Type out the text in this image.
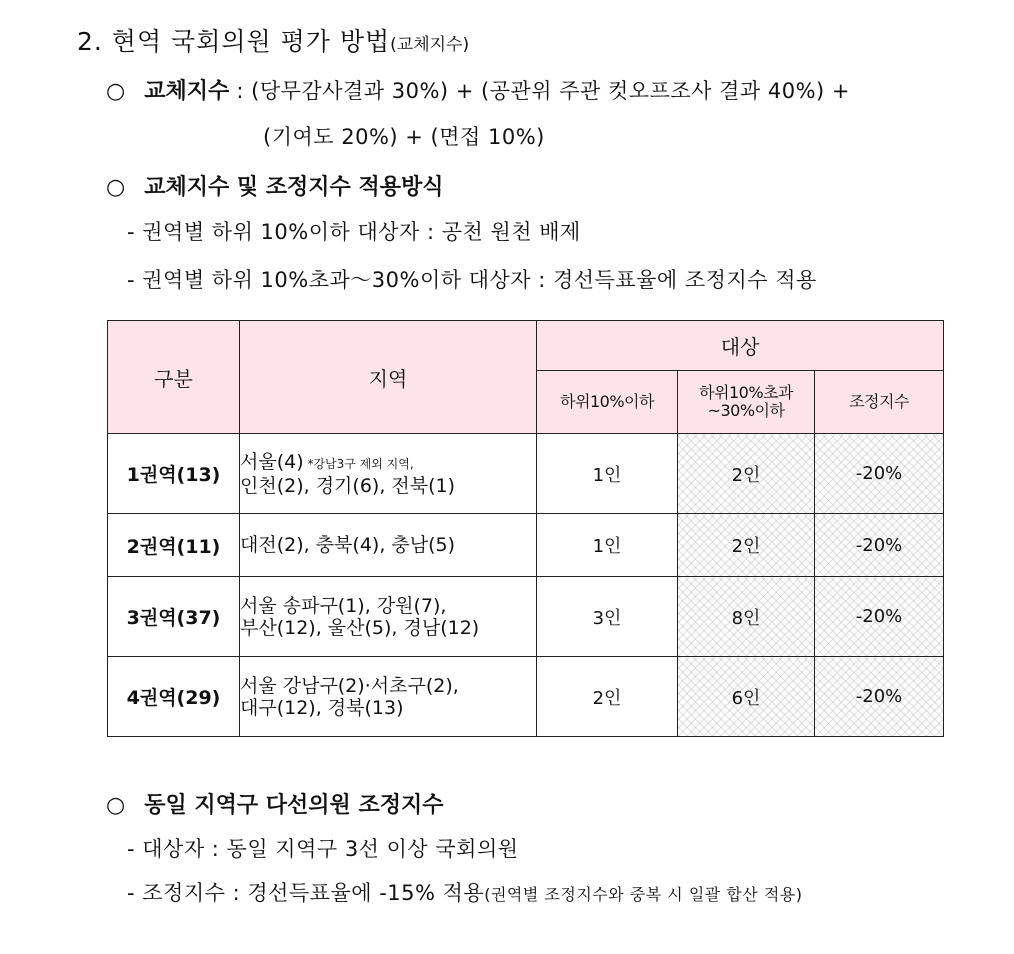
2. 현역 국회의원 평가 방법(교체지수)
○ 교체지수 : (당무감사결과 30%) + (공관위 주관 컷오프조사 결과 40%) +
(기여도 20%) + (면접 10%)
○ 교체지수 및 조정지수 적용방식
- 권역별 하위 10%이하 대상자 : 공천 원천 배제
- 권역별 하위 10%초과～30%이하 대상자 : 경선득표율에 조정지수 적용
구분	지역	대상		
		하위10%이하	하위10%초과
~30%이하	조정지수
1권역(13)	서울(4) *강남3구 제외 지역,
인천(2), 경기(6), 전북(1)	1인	2인	-20%
2권역(11)	대전(2), 충북(4), 충남(5)	1인	2인	-20%
3권역(37)	서울 송파구(1), 강원(7),
부산(12), 울산(5), 경남(12)	3인	8인	-20%
4권역(29)	서울 강남구(2)·서초구(2),
대구(12), 경북(13)	2인	6인	-20%
○ 동일 지역구 다선의원 조정지수
- 대상자 : 동일 지역구 3선 이상 국회의원
- 조정지수 : 경선득표율에 -15% 적용(권역별 조정지수와 중복 시 일괄 합산 적용)
